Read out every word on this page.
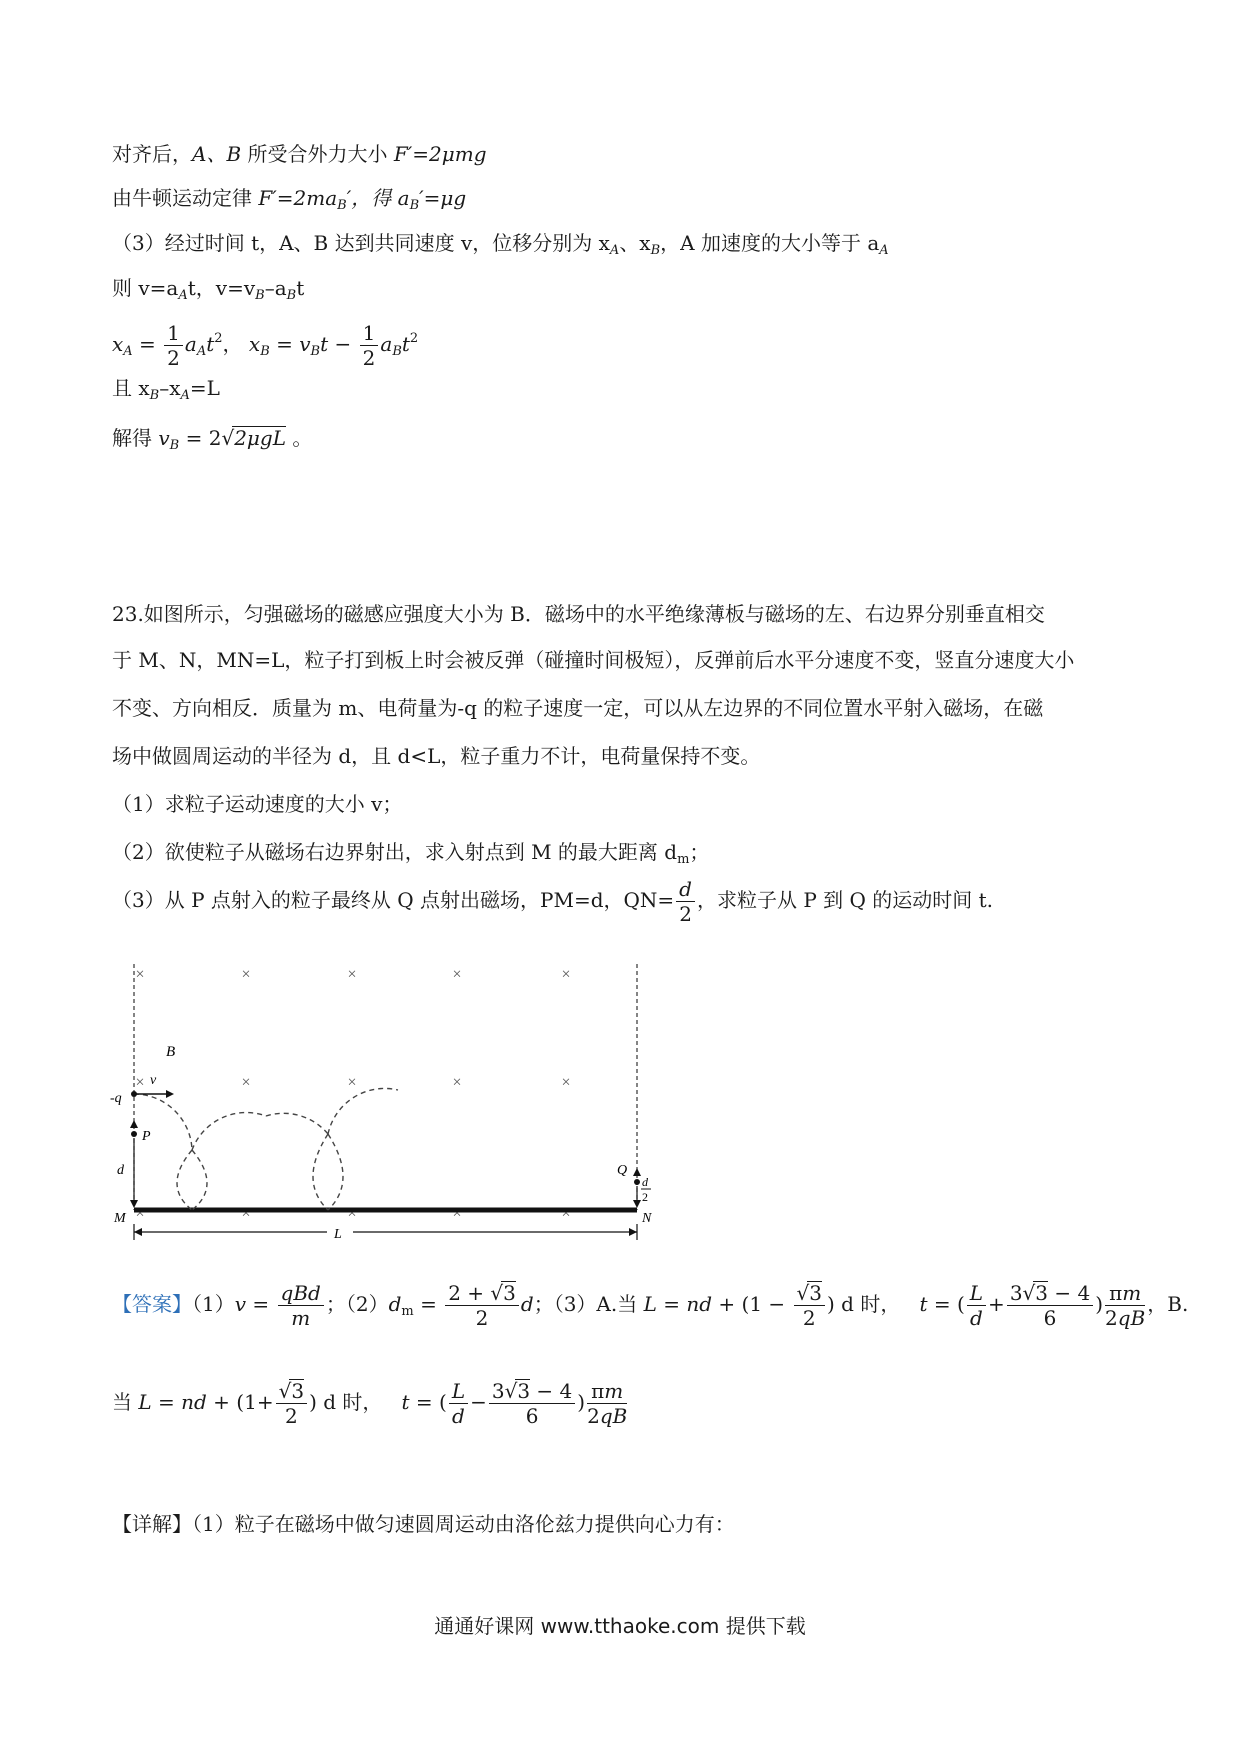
对齐后，A、B 所受合外力大小 F′=2μmg
由牛顿运动定律 $F'=2ma_B'$，得 $a_B'=\mu g$
（3）经过时间 t，A、B 达到共同速度 v，位移分别为 $x_A$、$x_B$，A 加速度的大小等于 $a_A$
则 $v=a_At$，$v=v_B-a_Bt$
$x_A = \frac{1}{2} a_At^2$， $x_B = v_Bt - \frac{1}{2} a_Bt^2$
且 $x_B-x_A=L$
解得 $v_B = 2√2\mu gL$ 。
23.如图所示，匀强磁场的磁感应强度大小为 B．磁场中的水平绝缘薄板与磁场的左、右边界分别垂直相交
于 M、N，MN=L，粒子打到板上时会被反弹（碰撞时间极短），反弹前后水平分速度不变，竖直分速度大小
不变、方向相反．质量为 m、电荷量为-q 的粒子速度一定，可以从左边界的不同位置水平射入磁场，在磁
场中做圆周运动的半径为 d，且 d<L，粒子重力不计，电荷量保持不变。
（1）求粒子运动速度的大小 v；
（2）欲使粒子从磁场右边界射出，求入射点到 M 的最大距离 $d_m$；
（3）从 P 点射入的粒子最终从 Q 点射出磁场，PM=d，$QN= \frac{d}{2}$ ，求粒子从 P 到 Q 的运动时间 t.
×	×	×	×	×
×	×	×	×	×
×	×	×	×	×
v
-q
B
P
d
M	N
Q
d
2
L
【答案】$(1)v = \frac{\text{qBd}}{m}$ ；$(2)d_m = \frac{2 + √3}{2}$ d；（3）A.当 L = nd + ($1 - \frac{√3}{2}$ ) d 时， t = ( $\frac{L}{d} + \frac{3√3 - 4}{6}$ ) $\frac{\pi m}{2qB}$ ，B.
当 L = nd + ($1+ \frac{√3}{2}$ ) d 时， t = ( $\frac{L}{d} - \frac{3√3 - 4}{6}$ ) $\frac{\pi m}{2qB}$
【详解】（1）粒子在磁场中做匀速圆周运动由洛伦兹力提供向心力有：
通通好课网 www.tthaoke.com 提供下载
